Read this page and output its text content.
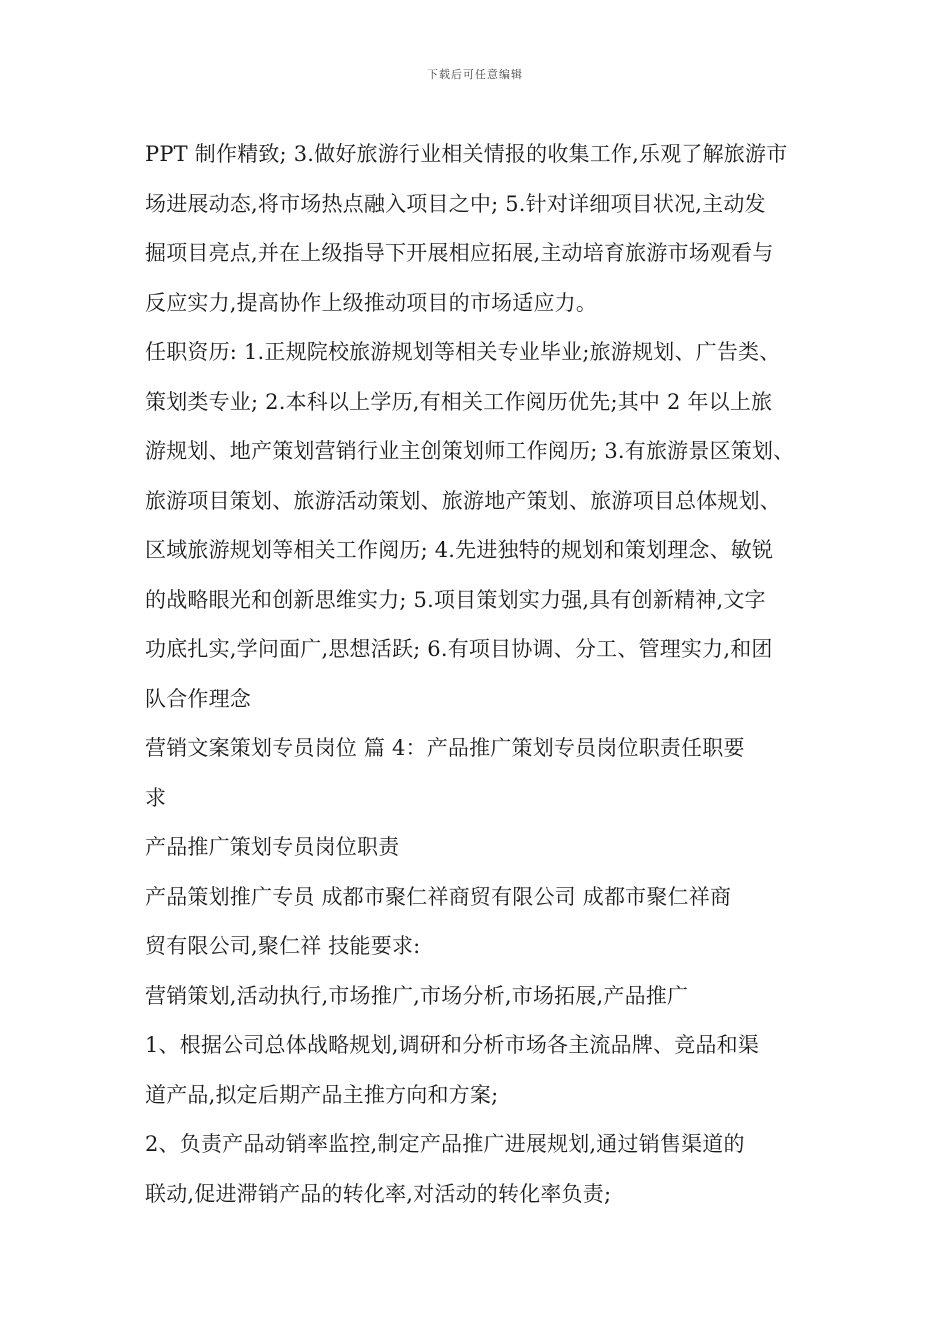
下载后可任意编辑
PPT 制作精致; 3.做好旅游行业相关情报的收集工作,乐观了解旅游市
场进展动态,将市场热点融入项目之中; 5.针对详细项目状况,主动发
掘项目亮点,并在上级指导下开展相应拓展,主动培育旅游市场观看与
反应实力,提高协作上级推动项目的市场适应力。
任职资历: 1.正规院校旅游规划等相关专业毕业;旅游规划、广告类、
策划类专业; 2.本科以上学历,有相关工作阅历优先;其中 2 年以上旅
游规划、地产策划营销行业主创策划师工作阅历; 3.有旅游景区策划、
旅游项目策划、旅游活动策划、旅游地产策划、旅游项目总体规划、
区域旅游规划等相关工作阅历; 4.先进独特的规划和策划理念、敏锐
的战略眼光和创新思维实力; 5.项目策划实力强,具有创新精神,文字
功底扎实,学问面广,思想活跃; 6.有项目协调、分工、管理实力,和团
队合作理念
营销文案策划专员岗位 篇 4：产品推广策划专员岗位职责任职要
求
产品推广策划专员岗位职责
产品策划推广专员 成都市聚仁祥商贸有限公司 成都市聚仁祥商
贸有限公司,聚仁祥 技能要求:
营销策划,活动执行,市场推广,市场分析,市场拓展,产品推广
1、根据公司总体战略规划,调研和分析市场各主流品牌、竞品和渠
道产品,拟定后期产品主推方向和方案;
2、负责产品动销率监控,制定产品推广进展规划,通过销售渠道的
联动,促进滞销产品的转化率,对活动的转化率负责;
